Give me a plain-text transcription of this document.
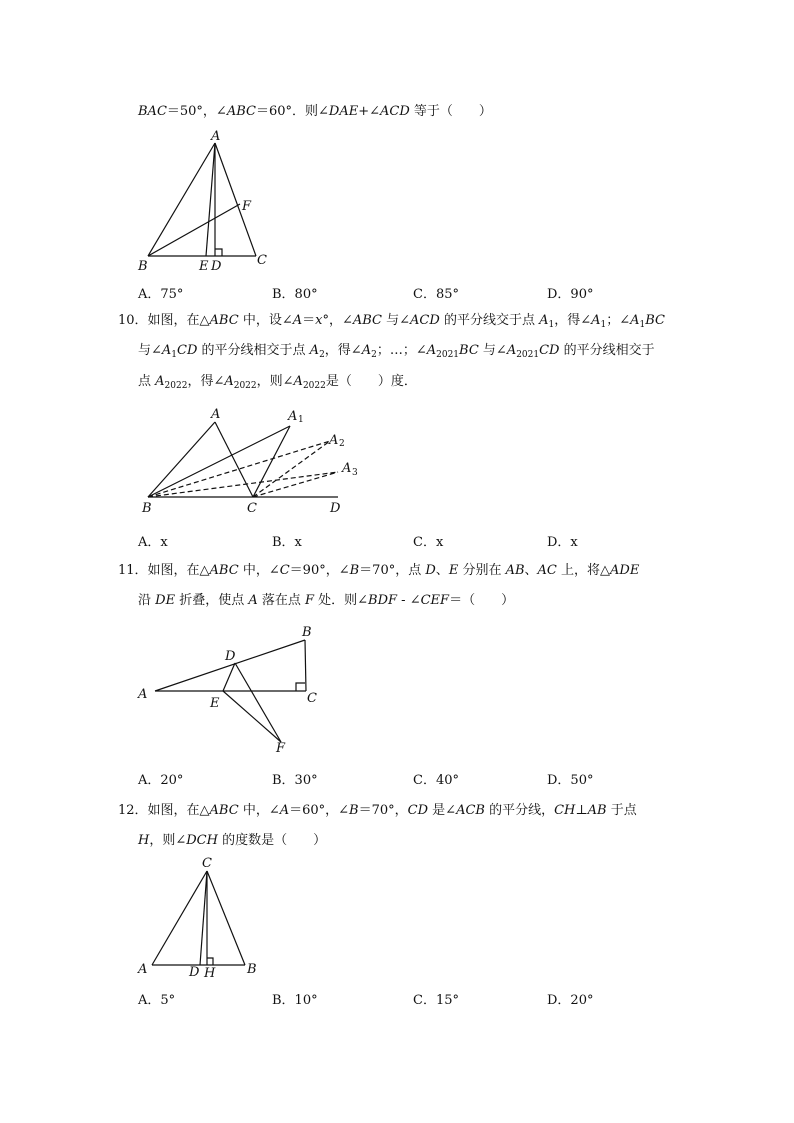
BAC＝50°，∠ABC＝60°．则∠DAE+∠ACD 等于（　　）
A
B	C
D
E
F
A．75°	B．80°	C．85°	D．90°
10．如图，在△ABC 中，设∠A＝x°，∠ABC 与∠ACD 的平分线交于点 $A_1$，得$\angle A_1$；$\angle A_1BC$
与$\angle A_1CD$ 的平分线相交于点 $A_2$，得$\angle A_2$；…；$\angle A_{2021}BC$ 与$\angle A_{2021}CD$ 的平分线相交于
点 $A_{2022}$，得$\angle A_{2022}$，则$\angle A_{2022}$是（　　）度．
A	A 1
A 2
A 3
B	C	D
A．x	B．x	C．x	D．x
11．如图，在△ABC 中，∠C＝90°，∠B＝70°，点 D、E 分别在 AB、AC 上，将△ADE
沿 DE 折叠，使点 A 落在点 F 处．则∠BDF - ∠CEF＝（　　）
A
B
C
D
E
F
A．20°	B．30°	C．40°	D．50°
12．如图，在△ABC 中，∠A＝60°，∠B＝70°，CD 是∠ACB 的平分线，CH⊥AB 于点
H，则∠DCH 的度数是（　　）
C
A	B
D H
A．5°	B．10°	C．15°	D．20°
